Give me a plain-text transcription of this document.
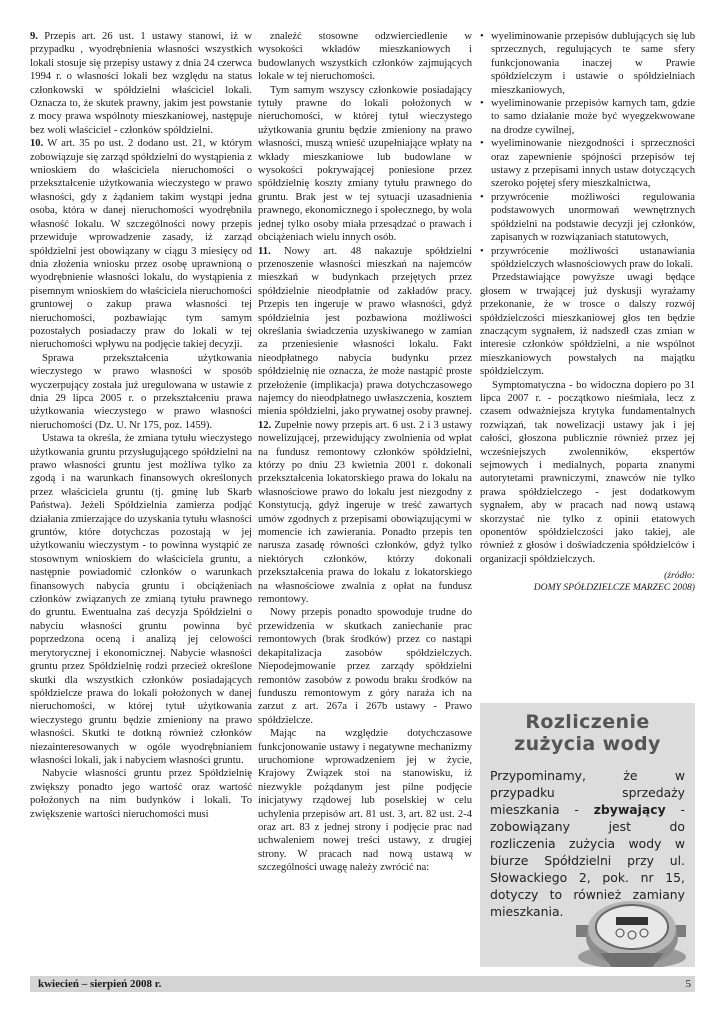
9. Przepis art. 26 ust. 1 ustawy stanowi, iż w przypadku , wyodrębnienia własności wszystkich lokali stosuje się przepisy ustawy z dnia 24 czerwca 1994 r. o własności lokali bez względu na status członkowski w spółdzielni właściciel lokali. Oznacza to, że skutek prawny, jakim jest powstanie z mocy prawa wspólnoty mieszkaniowej, następuje bez woli właściciel - członków spółdzielni.

10. W art. 35 po ust. 2 dodano ust. 21, w którym zobowiązuje się zarząd spółdzielni do wystąpienia z wnioskiem do właściciela nieruchomości o przekształcenie użytkowania wieczystego w prawo własności, gdy z żądaniem takim wystąpi jedna osoba, która w danej nieruchomości wyodrębniła własność lokalu. W szczególności nowy przepis przewiduje wprowadzenie zasady, iż zarząd spółdzielni jest obowiązany w ciągu 3 miesięcy od dnia złożenia wniosku przez osobę uprawnioną o wyodrębnienie własności lokalu, do wystąpienia z pisemnym wnioskiem do właściciela nieruchomości gruntowej o zakup prawa własności tej nieruchomości, pozbawiając tym samym pozostałych posiadaczy praw do lokali w tej nieruchomości wpływu na podjęcie takiej decyzji.

Sprawa przekształcenia użytkowania wieczystego w prawo własności w sposób wyczerpujący została już uregulowana w ustawie z dnia 29 lipca 2005 r. o przekształceniu prawa użytkowania wieczystego w prawo własności nieruchomości (Dz. U. Nr 175, poz. 1459).

Ustawa ta określa, że zmiana tytułu wieczystego użytkowania gruntu przysługującego spółdzielni na prawo własności gruntu jest możliwa tylko za zgodą i na warunkach finansowych określonych przez właściciela gruntu (tj. gminę lub Skarb Państwa). Jeżeli Spółdzielnia zamierza podjąć działania zmierzające do uzyskania tytułu własności gruntów, które dotychczas pozostają w jej użytkowaniu wieczystym - to powinna wystąpić ze stosownym wnioskiem do właściciela gruntu, a następnie powiadomić członków o warunkach finansowych nabycia gruntu i obciążeniach członków związanych ze zmianą tytułu prawnego do gruntu. Ewentualna zaś decyzja Spółdzielni o nabyciu własności gruntu powinna być poprzedzona oceną i analizą jej celowości merytorycznej i ekonomicznej. Nabycie własności gruntu przez Spółdzielnię rodzi przecież określone skutki dla wszystkich członków posiadających spółdzielcze prawa do lokali położonych w danej nieruchomości, w której tytuł użytkowania wieczystego gruntu będzie zmieniony na prawo własności. Skutki te dotkną również członków niezainteresowanych w ogóle wyodrębnianiem własności lokali, jak i nabyciem własności gruntu.

Nabycie własności gruntu przez Spółdzielnię zwiększy ponadto jego wartość oraz wartość położonych na nim budynków i lokali. To zwiększenie wartości nieruchomości musi

znaleźć stosowne odzwierciedlenie w wysokości wkładów mieszkaniowych i budowlanych wszystkich członków zajmujących lokale w tej nieruchomości.

Tym samym wszyscy członkowie posiadający tytuły prawne do lokali położonych w nieruchomości, w której tytuł wieczystego użytkowania gruntu będzie zmieniony na prawo własności, muszą wnieść uzupełniające wpłaty na wkłady mieszkaniowe lub budowlane w wysokości pokrywającej poniesione przez spółdzielnię koszty zmiany tytułu prawnego do gruntu. Brak jest w tej sytuacji uzasadnienia prawnego, ekonomicznego i społecznego, by wola jednej tylko osoby miała przesądzać o prawach i obciążeniach wielu innych osób.

11. Nowy art. 48 nakazuje spółdzielni przenoszenie własności mieszkań na najemców mieszkań w budynkach przejętych przez spółdzielnie nieodpłatnie od zakładów pracy. Przepis ten ingeruje w prawo własności, gdyż spółdzielnia jest pozbawiona możliwości określania świadczenia uzyskiwanego w zamian za przeniesienie własności lokalu. Fakt nieodpłatnego nabycia budynku przez spółdzielnię nie oznacza, że może nastąpić proste przełożenie (implikacja) prawa dotychczasowego najemcy do nieodpłatnego uwłaszczenia, kosztem mienia spółdzielni, jako prywatnej osoby prawnej.

12. Zupełnie nowy przepis art. 6 ust. 2 i 3 ustawy nowelizującej, przewidujący zwolnienia od wpłat na fundusz remontowy członków spółdzielni, którzy po dniu 23 kwietnia 2001 r. dokonali przekształcenia lokatorskiego prawa do lokalu na własnościowe prawo do lokalu jest niezgodny z Konstytucją, gdyż ingeruje w treść zawartych umów zgodnych z przepisami obowiązującymi w momencie ich zawierania. Ponadto przepis ten narusza zasadę równości członków, gdyż tylko niektórych członków, którzy dokonali przekształcenia prawa do lokalu z lokatorskiego na własnościowe zwalnia z opłat na fundusz remontowy.

Nowy przepis ponadto spowoduje trudne do przewidzenia w skutkach zaniechanie prac remontowych (brak środków) przez co nastąpi dekapitalizacja zasobów spółdzielczych. Niepodejmowanie przez zarządy spółdzielni remontów zasobów z powodu braku środków na funduszu remontowym z góry naraża ich na zarzut z art. 267a i 267b ustawy - Prawo spółdzielcze.

Mając na względzie dotychczasowe funkcjonowanie ustawy i negatywne mechanizmy uruchomione wprowadzeniem jej w życie, Krajowy Związek stoi na stanowisku, iż niezwykle pożądanym jest pilne podjęcie inicjatywy rządowej lub poselskiej w celu uchylenia przepisów art. 81 ust. 3, art. 82 ust. 2-4 oraz art. 83 z jednej strony i podjęcie prac nad uchwaleniem nowej treści ustawy, z drugiej strony. W pracach nad nową ustawą w szczególności uwagę należy zwrócić na:

• wyeliminowanie przepisów dublujących się lub sprzecznych, regulujących te same sfery funkcjonowania inaczej w Prawie spółdzielczym i ustawie o spółdzielniach mieszkaniowych,
• wyeliminowanie przepisów karnych tam, gdzie to samo działanie może być wyegzekwowane na drodze cywilnej,
• wyeliminowanie niezgodności i sprzeczności oraz zapewnienie spójności przepisów tej ustawy z przepisami innych ustaw dotyczących szeroko pojętej sfery mieszkalnictwa,
• przywrócenie możliwości regulowania podstawowych unormowań wewnętrznych spółdzielni na podstawie decyzji jej członków, zapisanych w rozwiązaniach statutowych,
• przywrócenie możliwości ustanawiania spółdzielczych własnościowych praw do lokali.

Przedstawiające powyższe uwagi będące głosem w trwającej już dyskusji wyrażamy przekonanie, że w trosce o dalszy rozwój spółdzielczości mieszkaniowej głos ten będzie znaczącym sygnałem, iż nadszedł czas zmian w interesie członków spółdzielni, a nie wspólnot mieszkaniowych powstałych na majątku spółdzielczym.

Symptomatyczna - bo widoczna dopiero po 31 lipca 2007 r. - początkowo nieśmiała, lecz z czasem odważniejsza krytyka fundamentalnych rozwiązań, tak nowelizacji ustawy jak i jej całości, głoszona publicznie również przez jej wcześniejszych zwolenników, ekspertów sejmowych i medialnych, poparta znanymi autorytetami prawniczymi, znawców nie tylko prawa spółdzielczego - jest dodatkowym sygnałem, aby w pracach nad nową ustawą skorzystać nie tylko z opinii etatowych oponentów spółdzielczości jako takiej, ale również z głosów i doświadczenia spółdzielców i organizacji spółdzielczych.

(źródło:
DOMY SPÓŁDZIELCZE MARZEC 2008)
Rozliczenie
zużycia wody
Przypominamy, że w przypadku sprzedaży mieszkania - zbywający - zobowiązany jest do rozliczenia zużycia wody w biurze Spółdzielni przy ul. Słowackiego 2, pok. nr 15, dotyczy to również zamiany mieszkania.
kwiecień – sierpień 2008 r.	5
